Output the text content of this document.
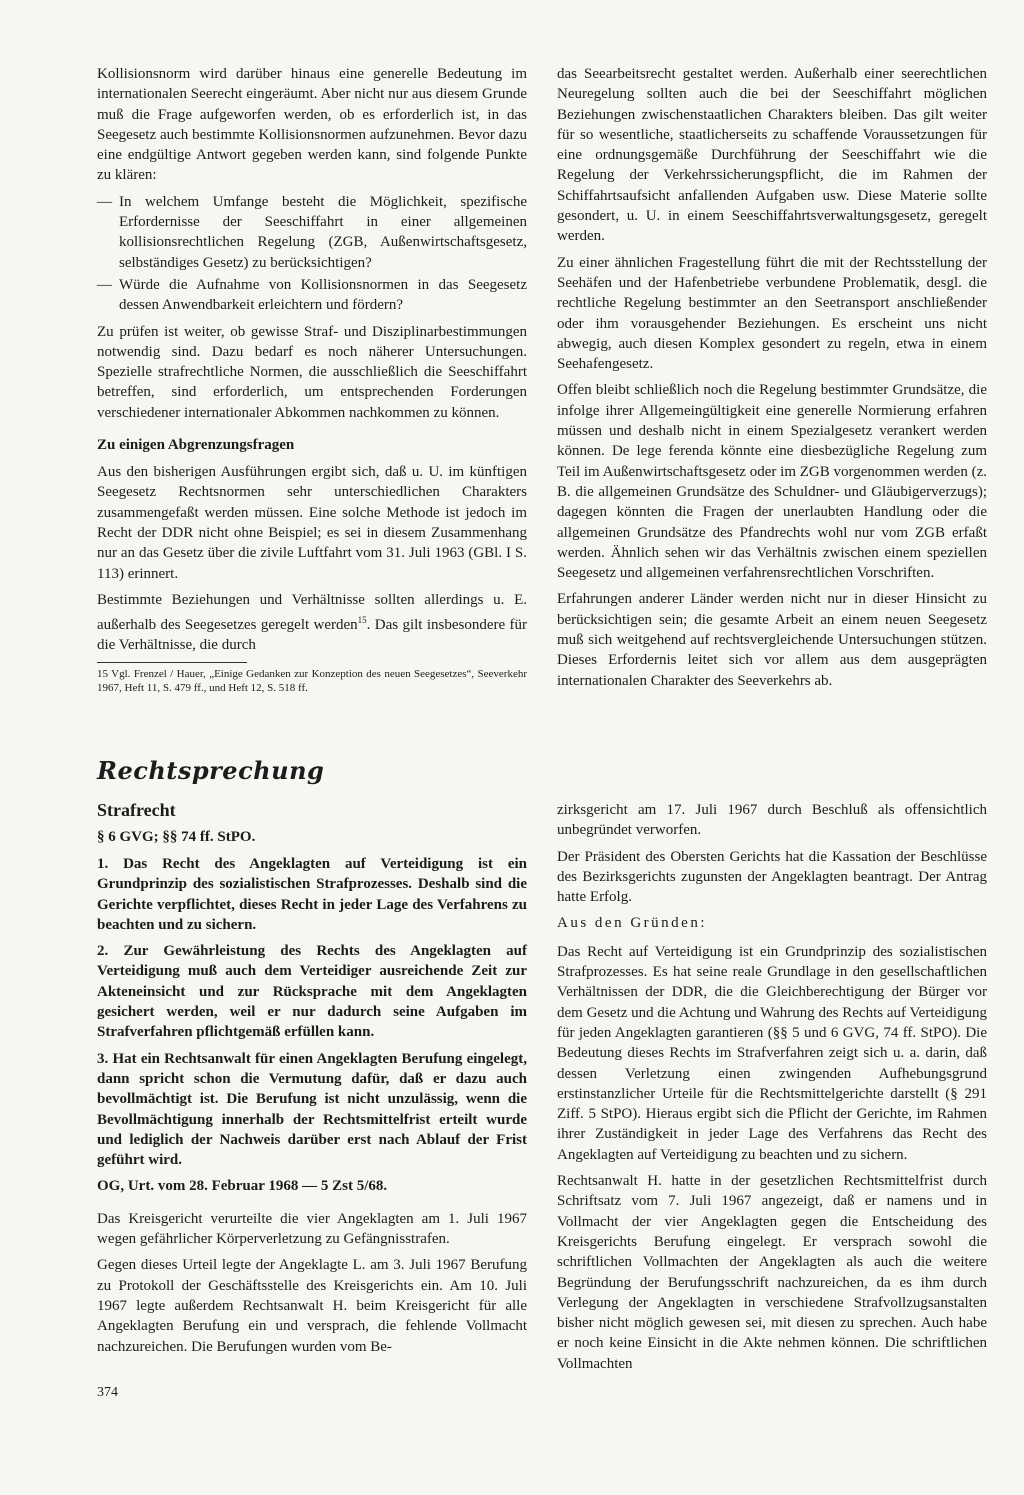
Kollisionsnorm wird darüber hinaus eine generelle Bedeutung im internationalen Seerecht eingeräumt. Aber nicht nur aus diesem Grunde muß die Frage aufgeworfen werden, ob es erforderlich ist, in das Seegesetz auch bestimmte Kollisionsnormen aufzunehmen. Bevor dazu eine endgültige Antwort gegeben werden kann, sind folgende Punkte zu klären:

— In welchem Umfange besteht die Möglichkeit, spezifische Erfordernisse der Seeschiffahrt in einer allgemeinen kollisionsrechtlichen Regelung (ZGB, Außenwirtschaftsgesetz, selbständiges Gesetz) zu berücksichtigen?
— Würde die Aufnahme von Kollisionsnormen in das Seegesetz dessen Anwendbarkeit erleichtern und fördern?

Zu prüfen ist weiter, ob gewisse Straf- und Disziplinarbestimmungen notwendig sind. Dazu bedarf es noch näherer Untersuchungen. Spezielle strafrechtliche Normen, die ausschließlich die Seeschiffahrt betreffen, sind erforderlich, um entsprechenden Forderungen verschiedener internationaler Abkommen nachkommen zu können.

Zu einigen Abgrenzungsfragen

Aus den bisherigen Ausführungen ergibt sich, daß u. U. im künftigen Seegesetz Rechtsnormen sehr unterschiedlichen Charakters zusammengefaßt werden müssen. Eine solche Methode ist jedoch im Recht der DDR nicht ohne Beispiel; es sei in diesem Zusammenhang nur an das Gesetz über die zivile Luftfahrt vom 31. Juli 1963 (GBl. I S. 113) erinnert.

Bestimmte Beziehungen und Verhältnisse sollten allerdings u. E. außerhalb des Seegesetzes geregelt werden$^{15}$. Das gilt insbesondere für die Verhältnisse, die durch

15 Vgl. Frenzel / Hauer, „Einige Gedanken zur Konzeption des neuen Seegesetzes“, Seeverkehr 1967, Heft 11, S. 479 ff., und Heft 12, S. 518 ff.

das Seearbeitsrecht gestaltet werden. Außerhalb einer seerechtlichen Neuregelung sollten auch die bei der Seeschiffahrt möglichen Beziehungen zwischenstaatlichen Charakters bleiben. Das gilt weiter für so wesentliche, staatlicherseits zu schaffende Voraussetzungen für eine ordnungsgemäße Durchführung der Seeschiffahrt wie die Regelung der Verkehrssicherungspflicht, die im Rahmen der Schiffahrtsaufsicht anfallenden Aufgaben usw. Diese Materie sollte gesondert, u. U. in einem Seeschiffahrtsverwaltungsgesetz, geregelt werden.

Zu einer ähnlichen Fragestellung führt die mit der Rechtsstellung der Seehäfen und der Hafenbetriebe verbundene Problematik, desgl. die rechtliche Regelung bestimmter an den Seetransport anschließender oder ihm vorausgehender Beziehungen. Es erscheint uns nicht abwegig, auch diesen Komplex gesondert zu regeln, etwa in einem Seehafengesetz.

Offen bleibt schließlich noch die Regelung bestimmter Grundsätze, die infolge ihrer Allgemeingültigkeit eine generelle Normierung erfahren müssen und deshalb nicht in einem Spezialgesetz verankert werden können. De lege ferenda könnte eine diesbezügliche Regelung zum Teil im Außenwirtschaftsgesetz oder im ZGB vorgenommen werden (z. B. die allgemeinen Grundsätze des Schuldner- und Gläubigerverzugs); dagegen könnten die Fragen der unerlaubten Handlung oder die allgemeinen Grundsätze des Pfandrechts wohl nur vom ZGB erfaßt werden. Ähnlich sehen wir das Verhältnis zwischen einem speziellen Seegesetz und allgemeinen verfahrensrechtlichen Vorschriften.

Erfahrungen anderer Länder werden nicht nur in dieser Hinsicht zu berücksichtigen sein; die gesamte Arbeit an einem neuen Seegesetz muß sich weitgehend auf rechtsvergleichende Untersuchungen stützen. Dieses Erfordernis leitet sich vor allem aus dem ausgeprägten internationalen Charakter des Seeverkehrs ab.

Rechtsprechung
Strafrecht
§ 6 GVG; §§ 74 ff. StPO.

1. Das Recht des Angeklagten auf Verteidigung ist ein Grundprinzip des sozialistischen Strafprozesses. Deshalb sind die Gerichte verpflichtet, dieses Recht in jeder Lage des Verfahrens zu beachten und zu sichern.

2. Zur Gewährleistung des Rechts des Angeklagten auf Verteidigung muß auch dem Verteidiger ausreichende Zeit zur Akteneinsicht und zur Rücksprache mit dem Angeklagten gesichert werden, weil er nur dadurch seine Aufgaben im Strafverfahren pflichtgemäß erfüllen kann.

3. Hat ein Rechtsanwalt für einen Angeklagten Berufung eingelegt, dann spricht schon die Vermutung dafür, daß er dazu auch bevollmächtigt ist. Die Berufung ist nicht unzulässig, wenn die Bevollmächtigung innerhalb der Rechtsmittelfrist erteilt wurde und lediglich der Nachweis darüber erst nach Ablauf der Frist geführt wird.

OG, Urt. vom 28. Februar 1968 — 5 Zst 5/68.

Das Kreisgericht verurteilte die vier Angeklagten am 1. Juli 1967 wegen gefährlicher Körperverletzung zu Gefängnisstrafen.

Gegen dieses Urteil legte der Angeklagte L. am 3. Juli 1967 Berufung zu Protokoll der Geschäftsstelle des Kreisgerichts ein. Am 10. Juli 1967 legte außerdem Rechtsanwalt H. beim Kreisgericht für alle Angeklagten Berufung ein und versprach, die fehlende Vollmacht nachzureichen. Die Berufungen wurden vom Be-

zirksgericht am 17. Juli 1967 durch Beschluß als offensichtlich unbegründet verworfen.

Der Präsident des Obersten Gerichts hat die Kassation der Beschlüsse des Bezirksgerichts zugunsten der Angeklagten beantragt. Der Antrag hatte Erfolg.

Aus den Gründen:

Das Recht auf Verteidigung ist ein Grundprinzip des sozialistischen Strafprozesses. Es hat seine reale Grundlage in den gesellschaftlichen Verhältnissen der DDR, die die Gleichberechtigung der Bürger vor dem Gesetz und die Achtung und Wahrung des Rechts auf Verteidigung für jeden Angeklagten garantieren (§§ 5 und 6 GVG, 74 ff. StPO). Die Bedeutung dieses Rechts im Strafverfahren zeigt sich u. a. darin, daß dessen Verletzung einen zwingenden Aufhebungsgrund erstinstanzlicher Urteile für die Rechtsmittelgerichte darstellt (§ 291 Ziff. 5 StPO). Hieraus ergibt sich die Pflicht der Gerichte, im Rahmen ihrer Zuständigkeit in jeder Lage des Verfahrens das Recht des Angeklagten auf Verteidigung zu beachten und zu sichern.

Rechtsanwalt H. hatte in der gesetzlichen Rechtsmittelfrist durch Schriftsatz vom 7. Juli 1967 angezeigt, daß er namens und in Vollmacht der vier Angeklagten gegen die Entscheidung des Kreisgerichts Berufung eingelegt. Er versprach sowohl die schriftlichen Vollmachten der Angeklagten als auch die weitere Begründung der Berufungsschrift nachzureichen, da es ihm durch Verlegung der Angeklagten in verschiedene Strafvollzugsanstalten bisher nicht möglich gewesen sei, mit diesen zu sprechen. Auch habe er noch keine Einsicht in die Akte nehmen können. Die schriftlichen Vollmachten

374
